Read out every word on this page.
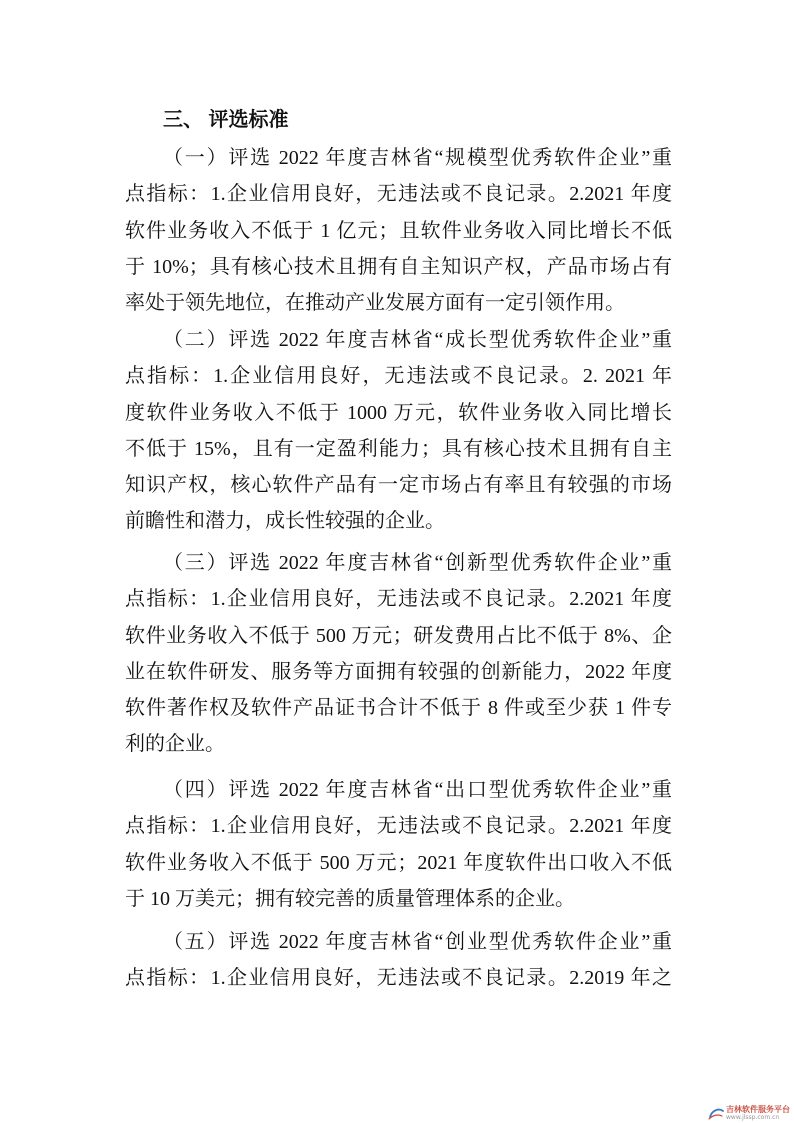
三、 评选标准
（一）评选 2022 年度吉林省“规模型优秀软件企业”重
点指标：1.企业信用良好，无违法或不良记录。2.2021 年度
软件业务收入不低于 1 亿元；且软件业务收入同比增长不低
于 10%；具有核心技术且拥有自主知识产权，产品市场占有
率处于领先地位，在推动产业发展方面有一定引领作用。
（二）评选 2022 年度吉林省“成长型优秀软件企业”重
点指标：1.企业信用良好，无违法或不良记录。2. 2021 年
度软件业务收入不低于 1000 万元，软件业务收入同比增长
不低于 15%，且有一定盈利能力；具有核心技术且拥有自主
知识产权，核心软件产品有一定市场占有率且有较强的市场
前瞻性和潜力，成长性较强的企业。
（三）评选 2022 年度吉林省“创新型优秀软件企业”重
点指标：1.企业信用良好，无违法或不良记录。2.2021 年度
软件业务收入不低于 500 万元；研发费用占比不低于 8%、企
业在软件研发、服务等方面拥有较强的创新能力，2022 年度
软件著作权及软件产品证书合计不低于 8 件或至少获 1 件专
利的企业。
（四）评选 2022 年度吉林省“出口型优秀软件企业”重
点指标：1.企业信用良好，无违法或不良记录。2.2021 年度
软件业务收入不低于 500 万元；2021 年度软件出口收入不低
于 10 万美元；拥有较完善的质量管理体系的企业。
（五）评选 2022 年度吉林省“创业型优秀软件企业”重
点指标：1.企业信用良好，无违法或不良记录。2.2019 年之
吉林软件服务平台
www.jlssp.com.cn
